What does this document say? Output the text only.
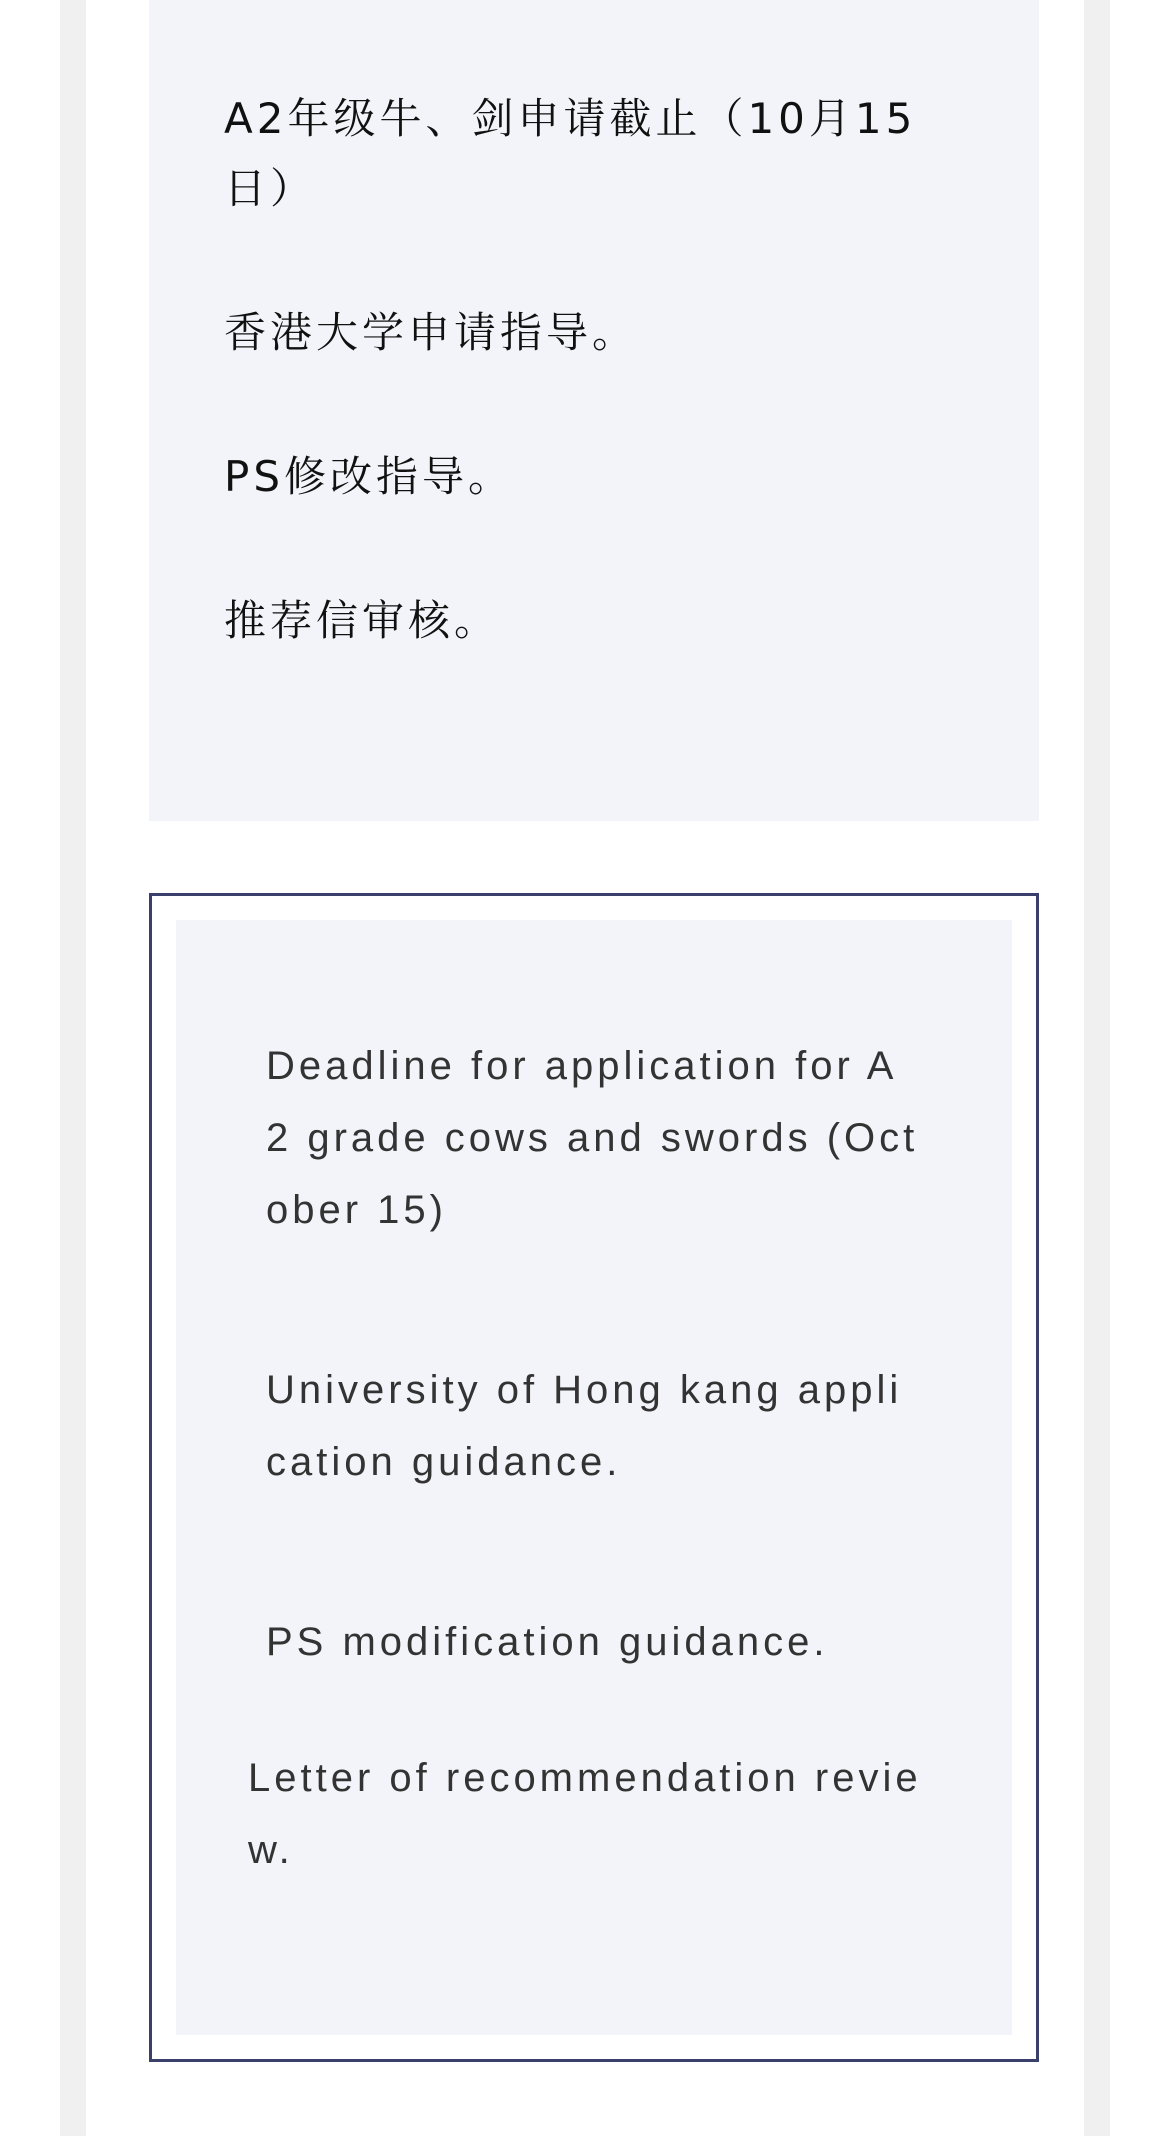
A2年级牛、剑申请截止（10月15日）

香港大学申请指导。

PS修改指导。

推荐信审核。

Deadline for application for A2 grade cows and swords (October 15)

University of Hong kang application guidance.

PS modification guidance.

Letter of recommendation review.
